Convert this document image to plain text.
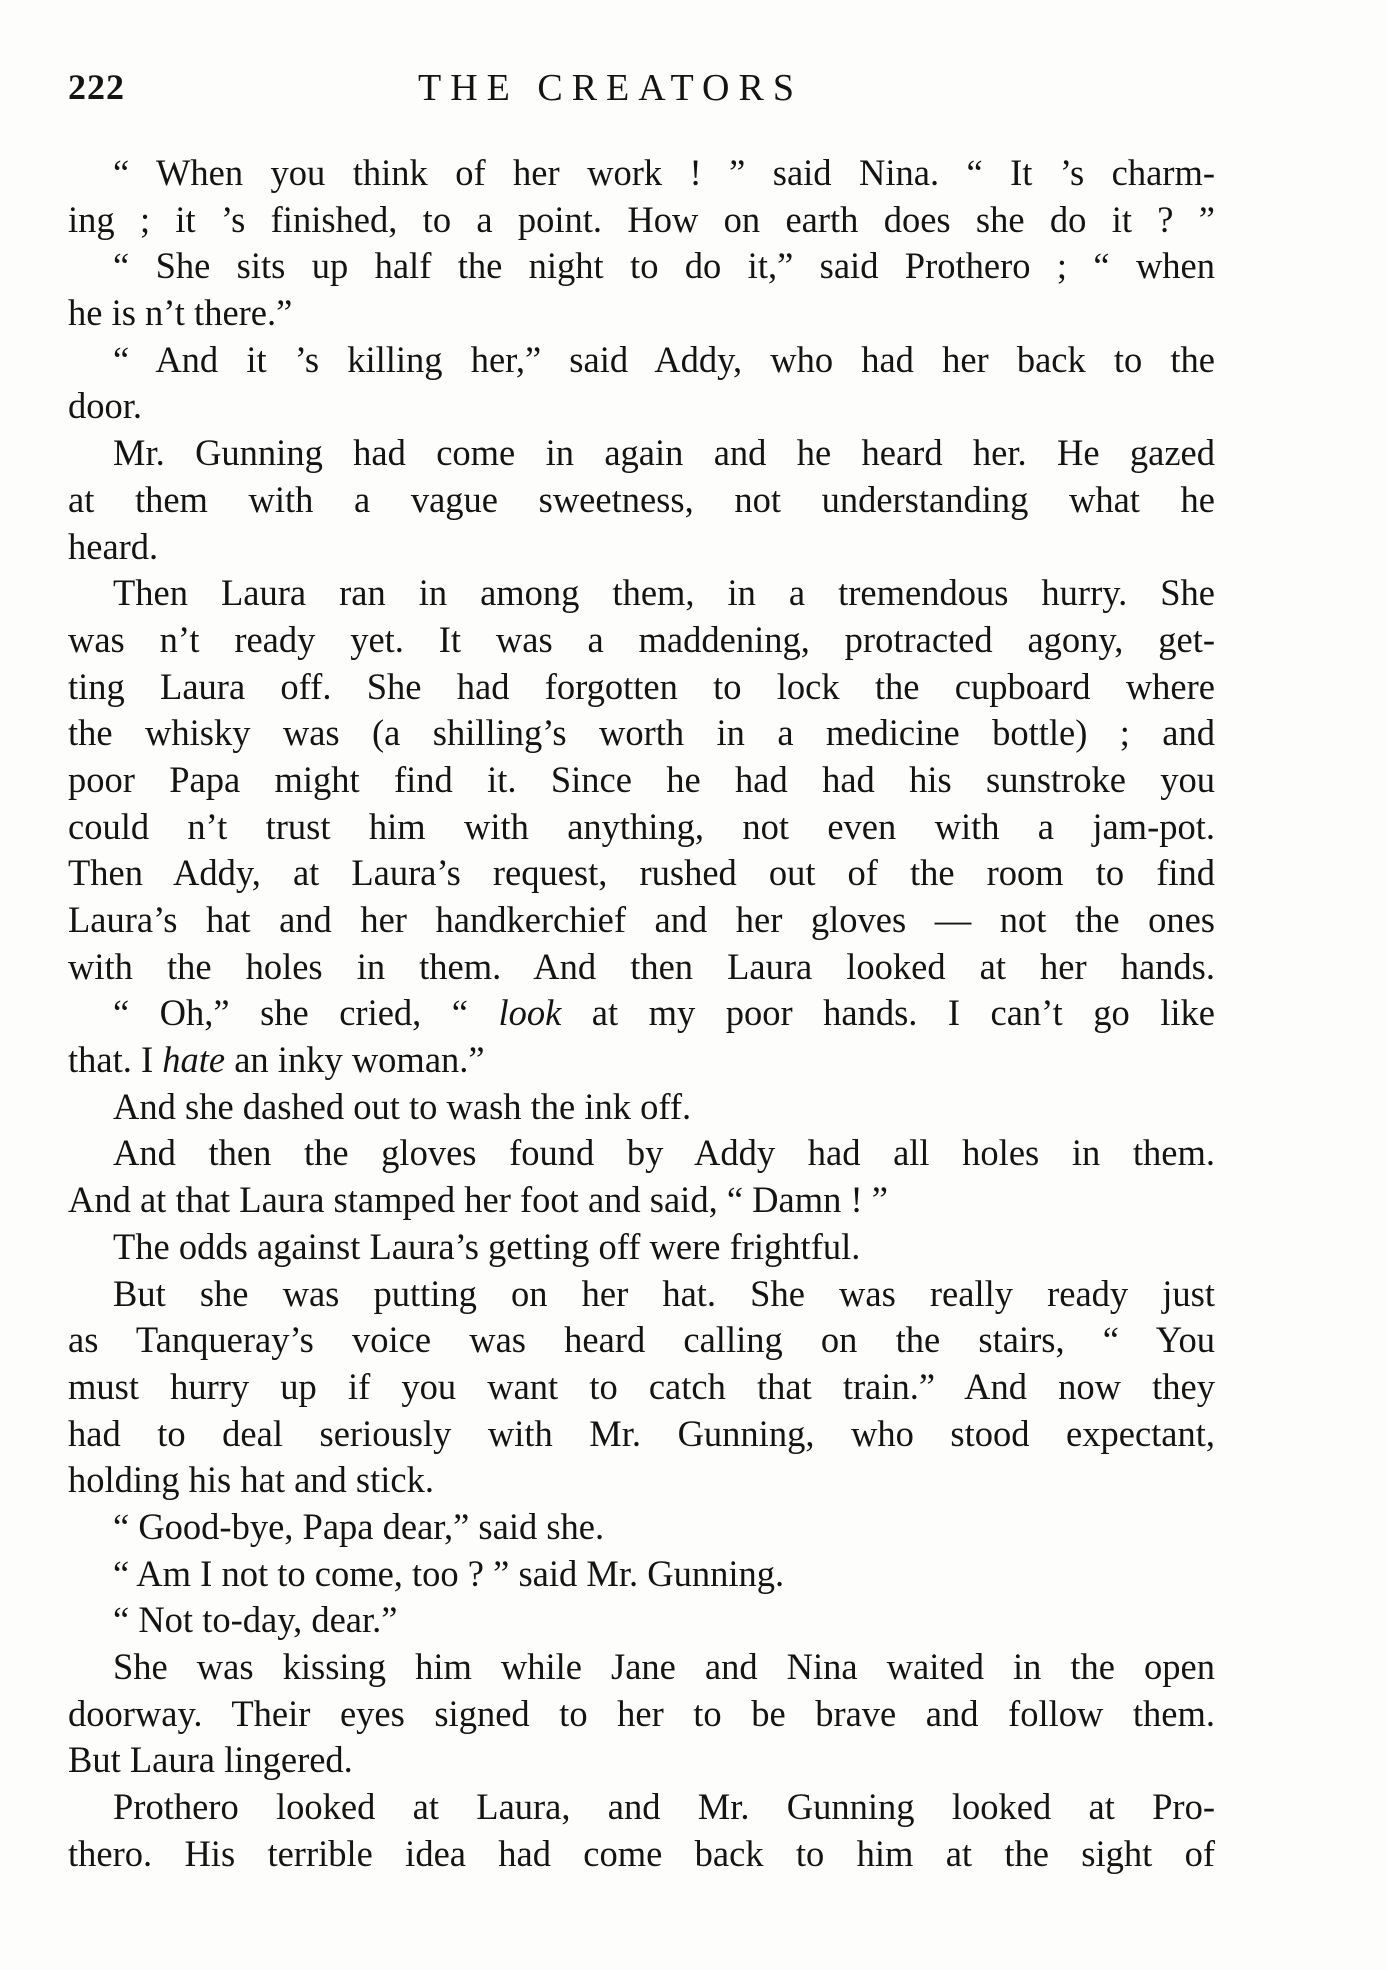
222	THE CREATORS
“ When you think of her work ! ” said Nina. “ It ’s charm-
ing ; it ’s finished, to a point. How on earth does she do it ? ”
“ She sits up half the night to do it,” said Prothero ; “ when
he is n’t there.”
“ And it ’s killing her,” said Addy, who had her back to the
door.
Mr. Gunning had come in again and he heard her. He gazed
at them with a vague sweetness, not understanding what he
heard.
Then Laura ran in among them, in a tremendous hurry. She
was n’t ready yet. It was a maddening, protracted agony, get-
ting Laura off. She had forgotten to lock the cupboard where
the whisky was (a shilling’s worth in a medicine bottle) ; and
poor Papa might find it. Since he had had his sunstroke you
could n’t trust him with anything, not even with a jam-pot.
Then Addy, at Laura’s request, rushed out of the room to find
Laura’s hat and her handkerchief and her gloves — not the ones
with the holes in them. And then Laura looked at her hands.
“ Oh,” she cried, “ look at my poor hands. I can’t go like
that. I hate an inky woman.”
And she dashed out to wash the ink off.
And then the gloves found by Addy had all holes in them.
And at that Laura stamped her foot and said, “ Damn ! ”
The odds against Laura’s getting off were frightful.
But she was putting on her hat. She was really ready just
as Tanqueray’s voice was heard calling on the stairs, “ You
must hurry up if you want to catch that train.” And now they
had to deal seriously with Mr. Gunning, who stood expectant,
holding his hat and stick.
“ Good-bye, Papa dear,” said she.
“ Am I not to come, too ? ” said Mr. Gunning.
“ Not to-day, dear.”
She was kissing him while Jane and Nina waited in the open
doorway. Their eyes signed to her to be brave and follow them.
But Laura lingered.
Prothero looked at Laura, and Mr. Gunning looked at Pro-
thero. His terrible idea had come back to him at the sight of
